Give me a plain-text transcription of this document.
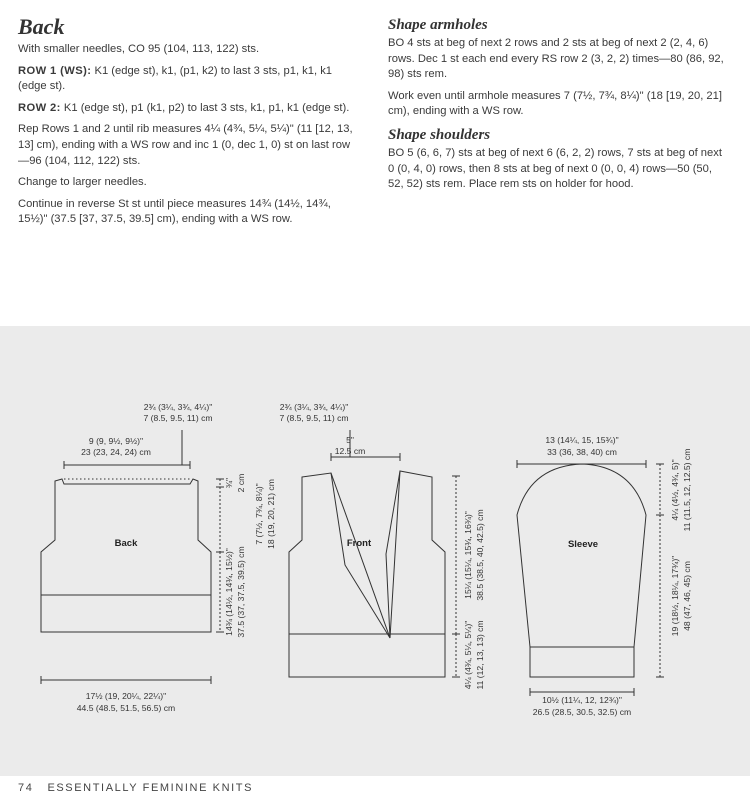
Back

With smaller needles, CO 95 (104, 113, 122) sts.

ROW 1 (WS): K1 (edge st), k1, (p1, k2) to last 3 sts, p1, k1, k1 (edge st).

ROW 2: K1 (edge st), p1 (k1, p2) to last 3 sts, k1, p1, k1 (edge st).

Rep Rows 1 and 2 until rib measures 4¼ (4¾, 5¼, 5¼)" (11 [12, 13, 13] cm), ending with a WS row and inc 1 (0, dec 1, 0) st on last row—96 (104, 112, 122) sts.

Change to larger needles.

Continue in reverse St st until piece measures 14¾ (14½, 14¾, 15½)" (37.5 [37, 37.5, 39.5] cm), ending with a WS row.

Shape armholes

BO 4 sts at beg of next 2 rows and 2 sts at beg of next 2 (2, 4, 6) rows. Dec 1 st each end every RS row 2 (3, 2, 2) times—80 (86, 92, 98) sts rem.

Work even until armhole measures 7 (7½, 7¾, 8¼)" (18 [19, 20, 21] cm), ending with a WS row.

Shape shoulders

BO 5 (6, 6, 7) sts at beg of next 6 (6, 2, 2) rows, 7 sts at beg of next 0 (0, 4, 0) rows, then 8 sts at beg of next 0 (0, 0, 4) rows—50 (50, 52, 52) sts rem. Place rem sts on holder for hood.

Back	Front	Sleeve
2¾ (3¼, 3¾, 4¼)"
7 (8.5, 9.5, 11) cm
9 (9, 9½, 9½)"
23 (23, 24, 24) cm
17½ (19, 20¼, 22¼)"
44.5 (48.5, 51.5, 56.5) cm
¾" 2 cm
7 (7½, 7¾, 8¼)" 18 (19, 20, 21) cm
14¾ (14½, 14¾, 15½)" 37.5 (37, 37.5, 39.5) cm
2¾ (3¼, 3¾, 4¼)"
7 (8.5, 9.5, 11) cm
5"
12.5 cm
15¼ (15¼, 15¾, 16¾)" 38.5 (38.5, 40, 42.5) cm
4¼ (4¾, 5¼, 5¼)" 11 (12, 13, 13) cm
13 (14¼, 15, 15¾)"
33 (36, 38, 40) cm
10½ (11¼, 12, 12¾)"
26.5 (28.5, 30.5, 32.5) cm
4¼ (4½, 4¾, 5)" 11 (11.5, 12, 12.5) cm
19 (18½, 18¼, 17¾)" 48 (47, 46, 45) cm
74 ESSENTIALLY FEMININE KNITS
